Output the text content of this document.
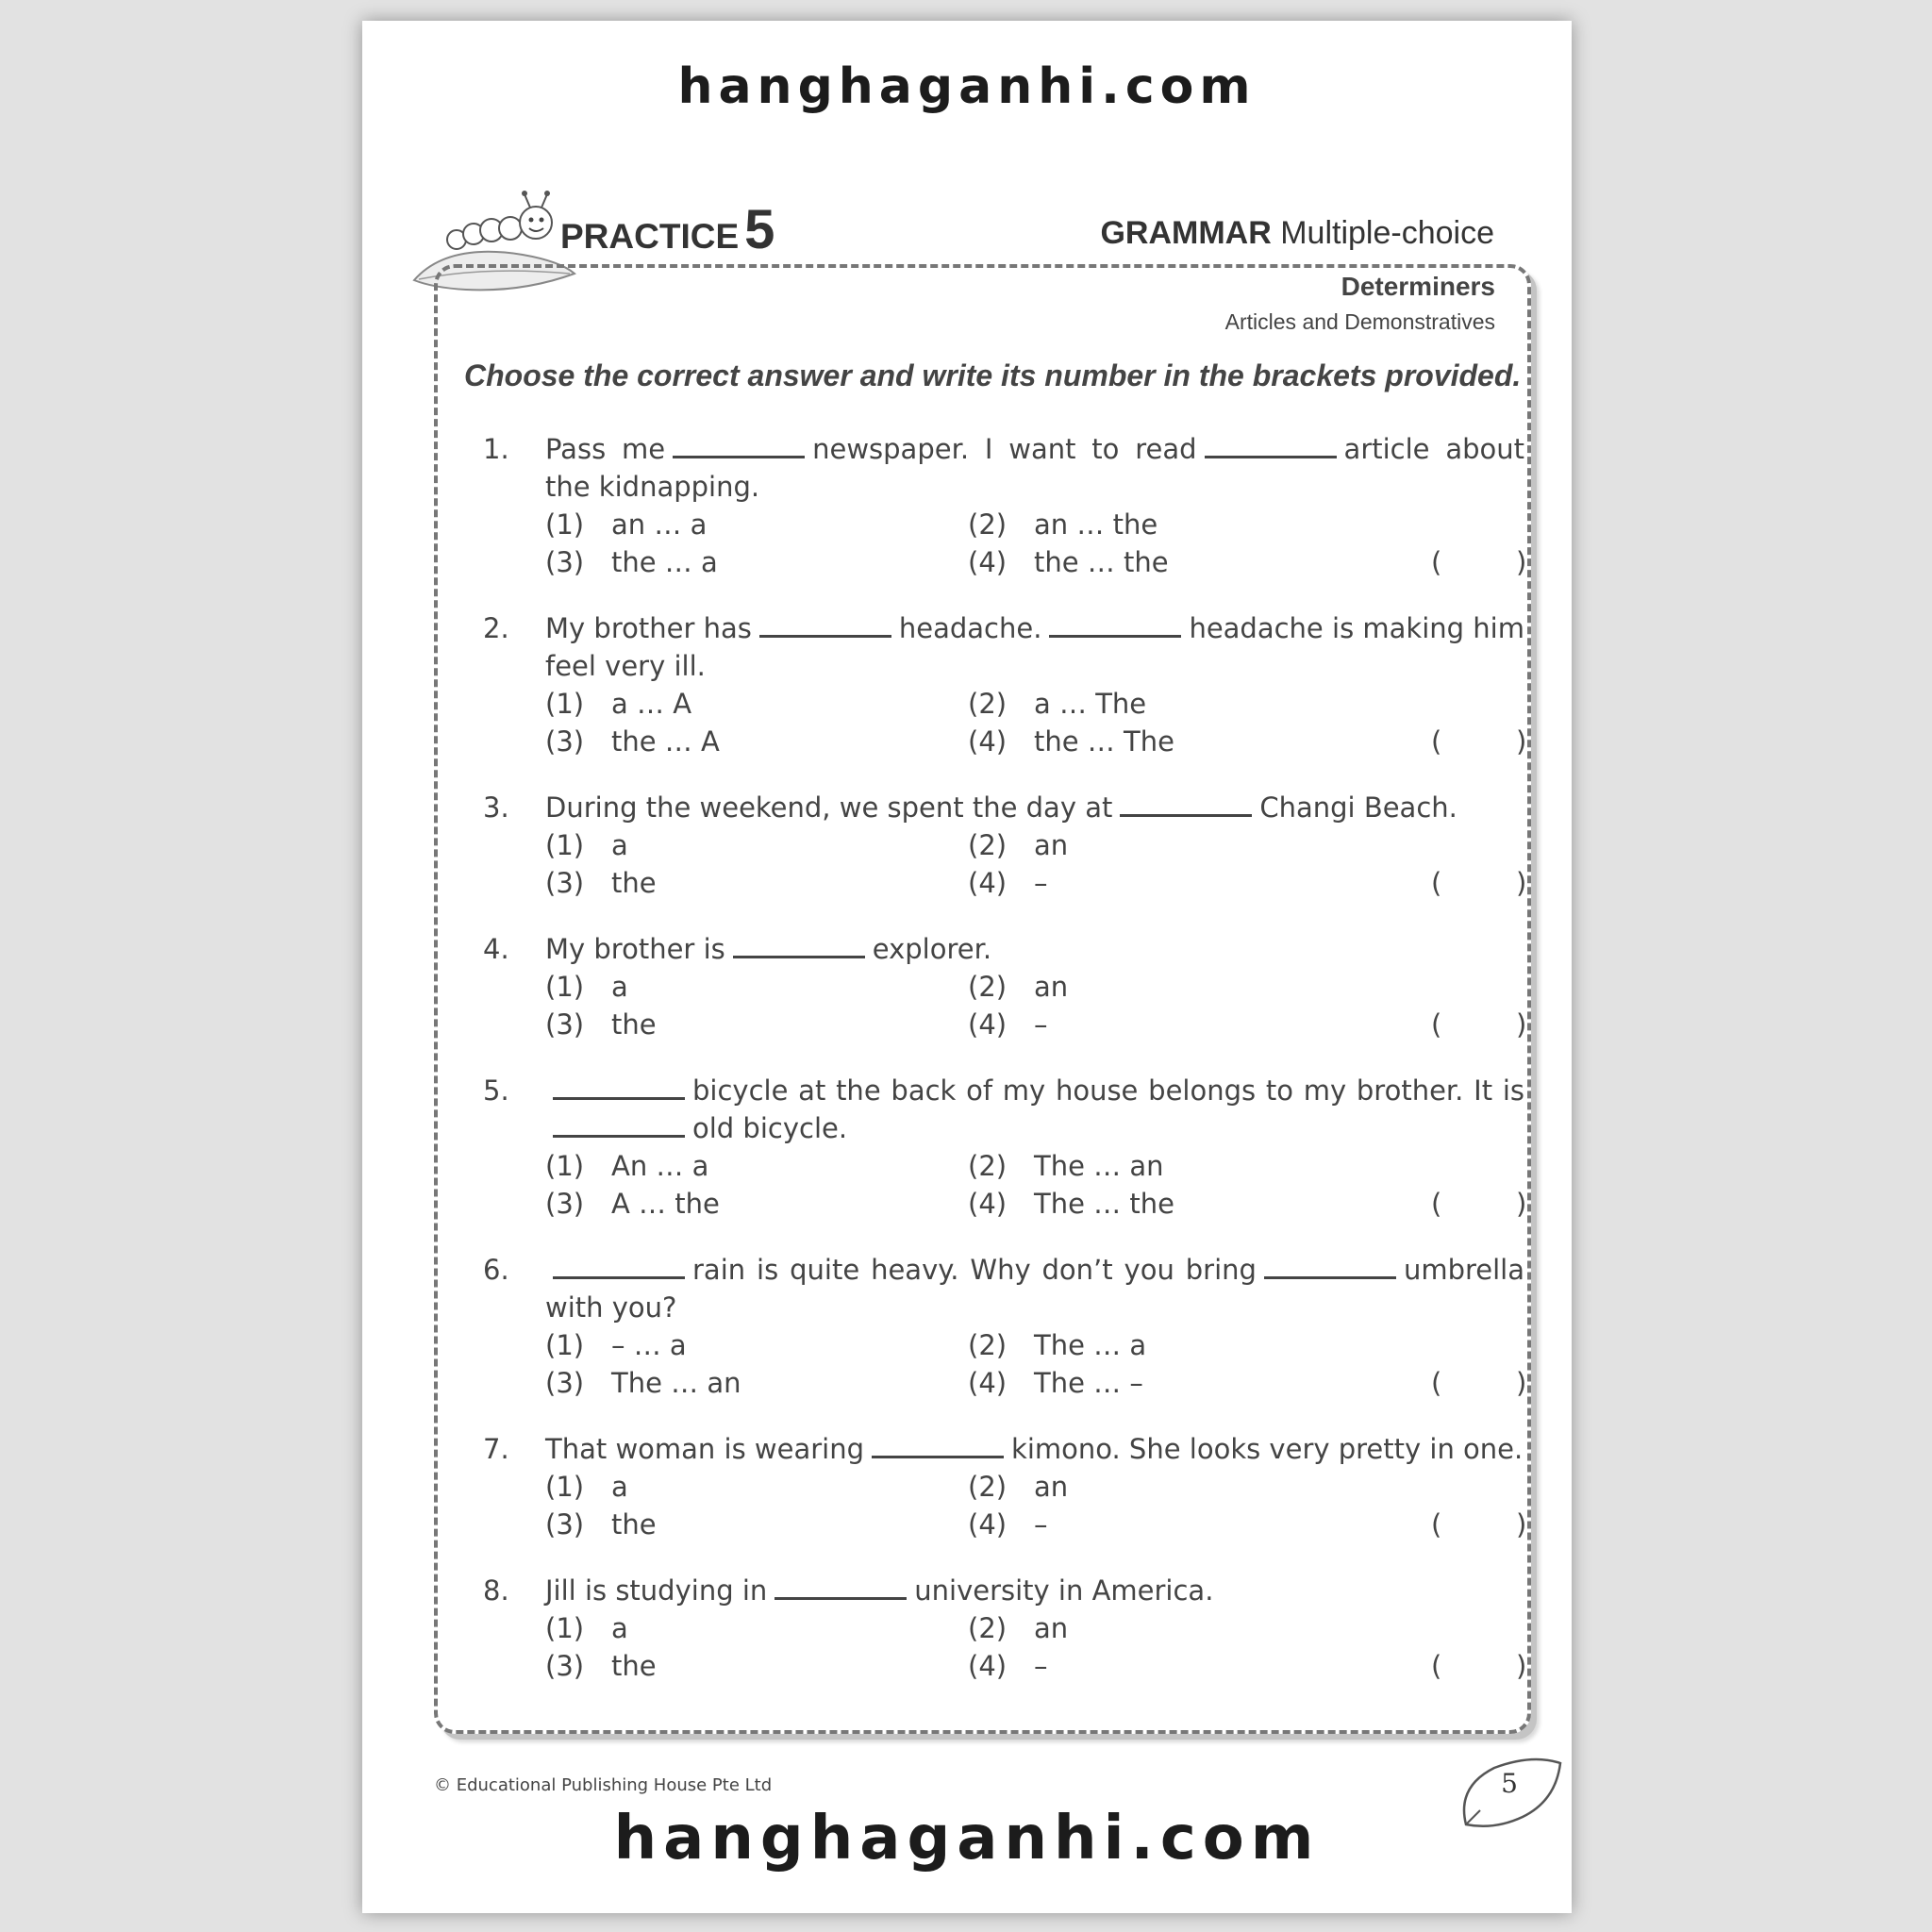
hanghaganhi.com
PRACTICE 5	GRAMMAR Multiple-choice
Determiners
Articles and Demonstratives
Choose the correct answer and write its number in the brackets provided.
1. Pass me	newspaper. I want to read	article about the kidnapping.
(1) an … a	(2) an … the
(3) the … a	(4) the … the	(	)
2. My brother has	headache.	headache is making him feel very ill.
(1) a … A	(2) a … The
(3) the … A	(4) the … The	(	)
3. During the weekend, we spent the day at	Changi Beach.
(1) a	(2) an
(3) the	(4) –	(	)
4. My brother is	explorer.
(1) a	(2) an
(3) the	(4) –	(	)
5.	bicycle at the back of my house belongs to my brother. It isold bicycle.
(1) An … a	(2) The … an
(3) A … the	(4) The … the	(	)
6.	rain is quite heavy. Why don’t you bring	umbrella with you?
(1) – … a	(2) The … a
(3) The … an	(4) The … –	(	)
7. That woman is wearing	kimono. She looks very pretty in one.
(1) a	(2) an
(3) the	(4) –	(	)
8. Jill is studying in	university in America.
(1) a	(2) an
(3) the	(4) –	(	)
© Educational Publishing House Pte Ltd	5
hanghaganhi.com
